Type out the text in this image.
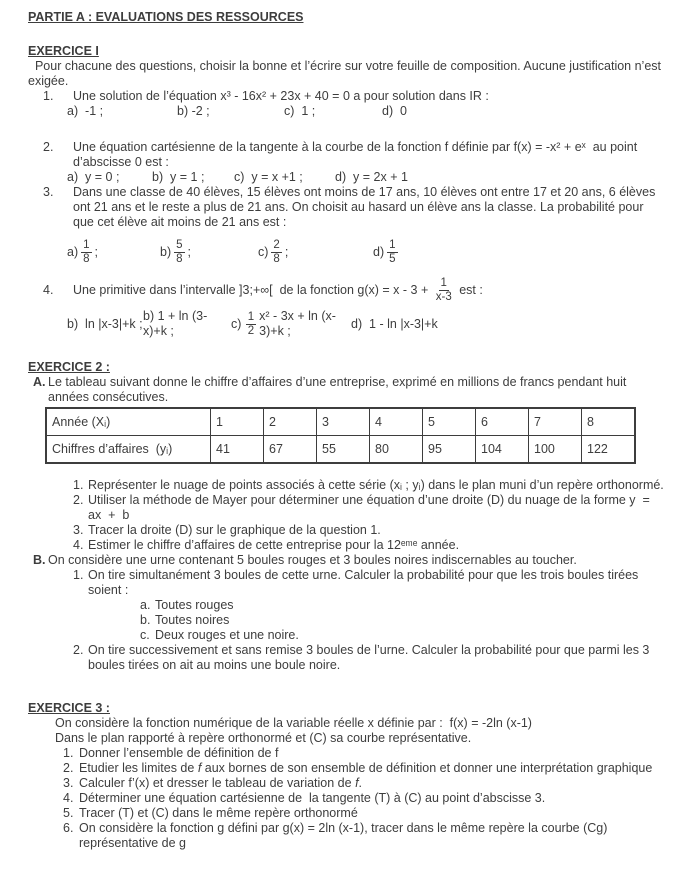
PARTIE A : EVALUATIONS DES RESSOURCES
EXERCICE I
Pour chacune des questions, choisir la bonne et l’écrire sur votre feuille de composition. Aucune justification n’est exigée.
1.	Une solution de l’équation x³ - 16x² + 23x + 40 = 0 a pour solution dans IR :
a)  -1 ;	b) -2 ;	c)  1 ;	d)  0
2.	Une équation cartésienne de la tangente à la courbe de la fonction f définie par f(x) = -x² + eˣ  au point d’abscisse 0 est :
a)  y = 0 ;	b)  y = 1 ; c)  y = x +1 ;	d)  y = 2x + 1
3.	Dans une classe de 40 élèves, 15 élèves ont moins de 17 ans, 10 élèves ont entre 17 et 20 ans, 6 élèves ont 21 ans et le reste a plus de 21 ans. On choisit au hasard un élève ans la classe. La probabilité pour que cet élève ait moins de 21 ans est :
$a) \frac{1}{8}$ ;	$b) \frac{5}{8}$ ;	$c) \frac{2}{8}$ ;	$d) \frac{1}{5}$
4.	Une primitive dans l’intervalle ]3;+∞[  de la fonction $g(x) = x - 3 + \frac{1}{x-3}$ est :
b)  ln |x-3|+k ;
b) 1 + ln (3-x)+k ;
$c) \frac{1}{2} x^2 - 3x + \ln (x-3)+k$ ;
d)  1 - ln |x-3|+k
EXERCICE 2 :
A. Le tableau suivant donne le chiffre d’affaires d’une entreprise, exprimé en millions de francs pendant huit années consécutives.
Année (Xᵢ)	1	2	3	4	5	6	7	8
Chiffres d’affaires  (yᵢ)	41	67	55	80	95	104	100	122
1. Représenter le nuage de points associés à cette série (xᵢ ; yᵢ) dans le plan muni d’un repère orthonormé.
2. Utiliser la méthode de Mayer pour déterminer une équation d’une droite (D) du nuage de la forme y  =  ax  +  b
3. Tracer la droite (D) sur le graphique de la question 1.
4. Estimer le chiffre d’affaires de cette entreprise pour la 12ᵉᵐᵉ année.
B. On considère une urne contenant 5 boules rouges et 3 boules noires indiscernables au toucher.
1. On tire simultanément 3 boules de cette urne. Calculer la probabilité pour que les trois boules tirées soient :
a. Toutes rouges
b. Toutes noires
c. Deux rouges et une noire.
2. On tire successivement et sans remise 3 boules de l’urne. Calculer la probabilité pour que parmi les 3 boules tirées on ait au moins une boule noire.
EXERCICE 3 :
On considère la fonction numérique de la variable réelle x définie par :  f(x) = -2ln (x-1)
Dans le plan rapporté à repère orthonormé et (C) sa courbe représentative.
1. Donner l’ensemble de définition de f
2. Etudier les limites de f aux bornes de son ensemble de définition et donner une interprétation graphique
3. Calculer f’(x) et dresser le tableau de variation de f.
4. Déterminer une équation cartésienne de  la tangente (T) à (C) au point d’abscisse 3.
5. Tracer (T) et (C) dans le même repère orthonormé
6. On considère la fonction g défini par g(x) = 2ln (x-1), tracer dans le même repère la courbe (Cg) représentative de g
